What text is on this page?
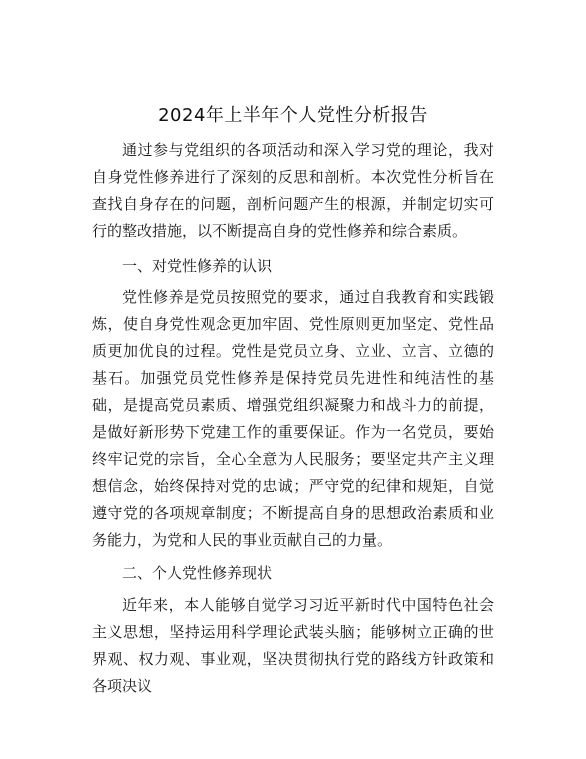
2024年上半年个人党性分析报告

通过参与党组织的各项活动和深入学习党的理论，我对自身党性修养进行了深刻的反思和剖析。本次党性分析旨在查找自身存在的问题，剖析问题产生的根源，并制定切实可行的整改措施，以不断提高自身的党性修养和综合素质。

一、对党性修养的认识

党性修养是党员按照党的要求，通过自我教育和实践锻炼，使自身党性观念更加牢固、党性原则更加坚定、党性品质更加优良的过程。党性是党员立身、立业、立言、立德的基石。加强党员党性修养是保持党员先进性和纯洁性的基础，是提高党员素质、增强党组织凝聚力和战斗力的前提，是做好新形势下党建工作的重要保证。作为一名党员，要始终牢记党的宗旨，全心全意为人民服务；要坚定共产主义理想信念，始终保持对党的忠诚；严守党的纪律和规矩，自觉遵守党的各项规章制度；不断提高自身的思想政治素质和业务能力，为党和人民的事业贡献自己的力量。

二、个人党性修养现状

近年来，本人能够自觉学习习近平新时代中国特色社会主义思想，坚持运用科学理论武装头脑；能够树立正确的世界观、权力观、事业观，坚决贯彻执行党的路线方针政策和各项决议
